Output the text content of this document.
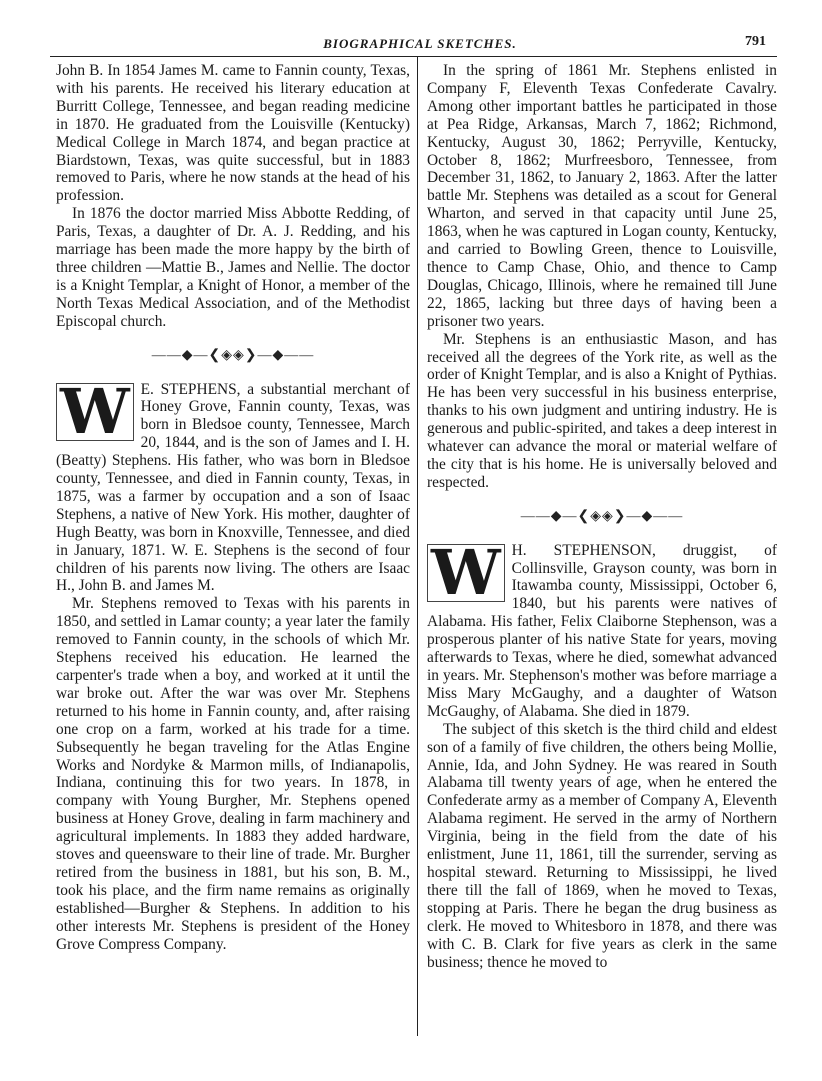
BIOGRAPHICAL SKETCHES.	791

John B. In 1854 James M. came to Fannin county, Texas, with his parents. He received his literary education at Burritt College, Tennessee, and began reading medicine in 1870. He graduated from the Louisville (Kentucky) Medical College in March 1874, and began practice at Biardstown, Texas, was quite successful, but in 1883 removed to Paris, where he now stands at the head of his profession.

In 1876 the doctor married Miss Abbotte Redding, of Paris, Texas, a daughter of Dr. A. J. Redding, and his marriage has been made the more happy by the birth of three children —Mattie B., James and Nellie. The doctor is a Knight Templar, a Knight of Honor, a member of the North Texas Medical Association, and of the Methodist Episcopal church.

——◆—❮◈◈❯—◆——

W E. STEPHENS, a substantial merchant of Honey Grove, Fannin county, Texas, was born in Bledsoe county, Tennessee, March 20, 1844, and is the son of James and I. H. (Beatty) Stephens. His father, who was born in Bledsoe county, Tennessee, and died in Fannin county, Texas, in 1875, was a farmer by occupation and a son of Isaac Stephens, a native of New York. His mother, daughter of Hugh Beatty, was born in Knoxville, Tennessee, and died in January, 1871. W. E. Stephens is the second of four children of his parents now living. The others are Isaac H., John B. and James M.

Mr. Stephens removed to Texas with his parents in 1850, and settled in Lamar county; a year later the family removed to Fannin county, in the schools of which Mr. Stephens received his education. He learned the carpenter's trade when a boy, and worked at it until the war broke out. After the war was over Mr. Stephens returned to his home in Fannin county, and, after raising one crop on a farm, worked at his trade for a time. Subsequently he began traveling for the Atlas Engine Works and Nordyke & Marmon mills, of Indianapolis, Indiana, continuing this for two years. In 1878, in company with Young Burgher, Mr. Stephens opened business at Honey Grove, dealing in farm machinery and agricultural implements. In 1883 they added hardware, stoves and queensware to their line of trade. Mr. Burgher retired from the business in 1881, but his son, B. M., took his place, and the firm name remains as originally established—Burgher & Stephens. In addition to his other interests Mr. Stephens is president of the Honey Grove Compress Company.

In the spring of 1861 Mr. Stephens enlisted in Company F, Eleventh Texas Confederate Cavalry. Among other important battles he participated in those at Pea Ridge, Arkansas, March 7, 1862; Richmond, Kentucky, August 30, 1862; Perryville, Kentucky, October 8, 1862; Murfreesboro, Tennessee, from December 31, 1862, to January 2, 1863. After the latter battle Mr. Stephens was detailed as a scout for General Wharton, and served in that capacity until June 25, 1863, when he was captured in Logan county, Kentucky, and carried to Bowling Green, thence to Louisville, thence to Camp Chase, Ohio, and thence to Camp Douglas, Chicago, Illinois, where he remained till June 22, 1865, lacking but three days of having been a prisoner two years.

Mr. Stephens is an enthusiastic Mason, and has received all the degrees of the York rite, as well as the order of Knight Templar, and is also a Knight of Pythias. He has been very successful in his business enterprise, thanks to his own judgment and untiring industry. He is generous and public-spirited, and takes a deep interest in whatever can advance the moral or material welfare of the city that is his home. He is universally beloved and respected.

——◆—❮◈◈❯—◆——

W H. STEPHENSON, druggist, of Collinsville, Grayson county, was born in Itawamba county, Mississippi, October 6, 1840, but his parents were natives of Alabama. His father, Felix Claiborne Stephenson, was a prosperous planter of his native State for years, moving afterwards to Texas, where he died, somewhat advanced in years. Mr. Stephenson's mother was before marriage a Miss Mary McGaughy, and a daughter of Watson McGaughy, of Alabama. She died in 1879.

The subject of this sketch is the third child and eldest son of a family of five children, the others being Mollie, Annie, Ida, and John Sydney. He was reared in South Alabama till twenty years of age, when he entered the Confederate army as a member of Company A, Eleventh Alabama regiment. He served in the army of Northern Virginia, being in the field from the date of his enlistment, June 11, 1861, till the surrender, serving as hospital steward. Returning to Mississippi, he lived there till the fall of 1869, when he moved to Texas, stopping at Paris. There he began the drug business as clerk. He moved to Whitesboro in 1878, and there was with C. B. Clark for five years as clerk in the same business; thence he moved to
